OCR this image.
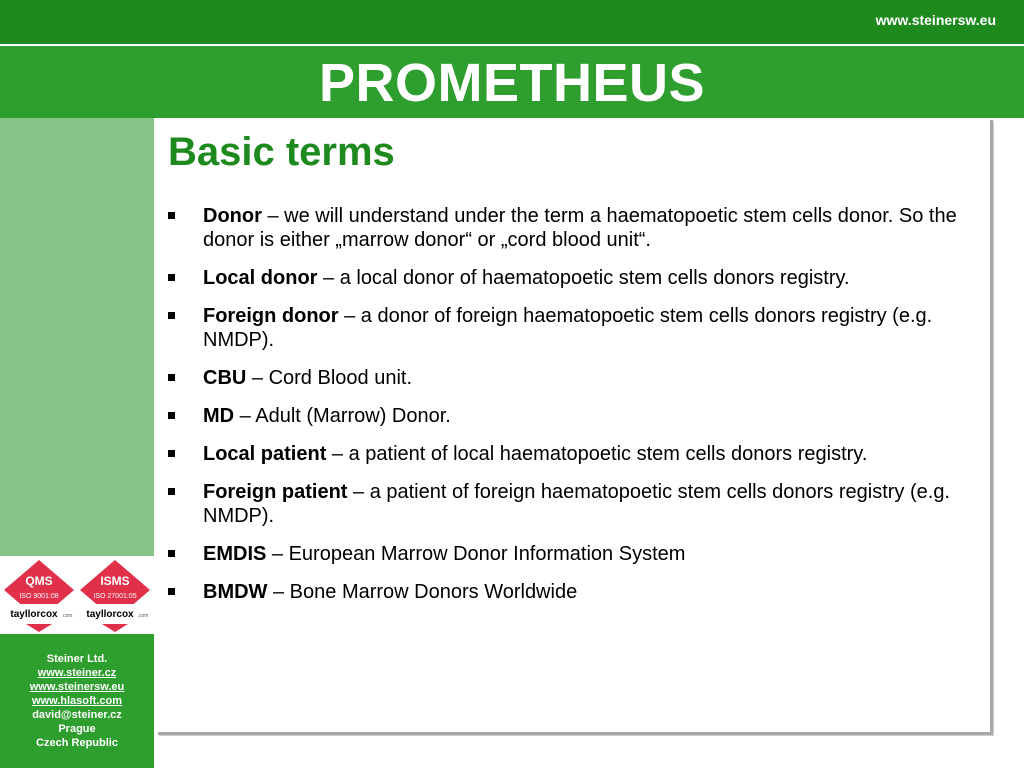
www.steinersw.eu
PROMETHEUS
QMS
ISO 9001:08
tayllorcox .com
ISMS
ISO 27001:05
tayllorcox .com
Steiner Ltd.
www.steiner.cz
www.steinersw.eu
www.hlasoft.com
david@steiner.cz
Prague
Czech Republic
Basic terms
Donor – we will understand under the term a haematopoetic stem cells donor. So the donor is either „marrow donor“ or „cord blood unit“.
Local donor – a local donor of haematopoetic stem cells donors registry.
Foreign donor – a donor of foreign haematopoetic stem cells donors registry (e.g. NMDP).
CBU – Cord Blood unit.
MD – Adult (Marrow) Donor.
Local patient – a patient of local haematopoetic stem cells donors registry.
Foreign patient – a patient of foreign haematopoetic stem cells donors registry (e.g. NMDP).
EMDIS – European Marrow Donor Information System
BMDW – Bone Marrow Donors Worldwide
